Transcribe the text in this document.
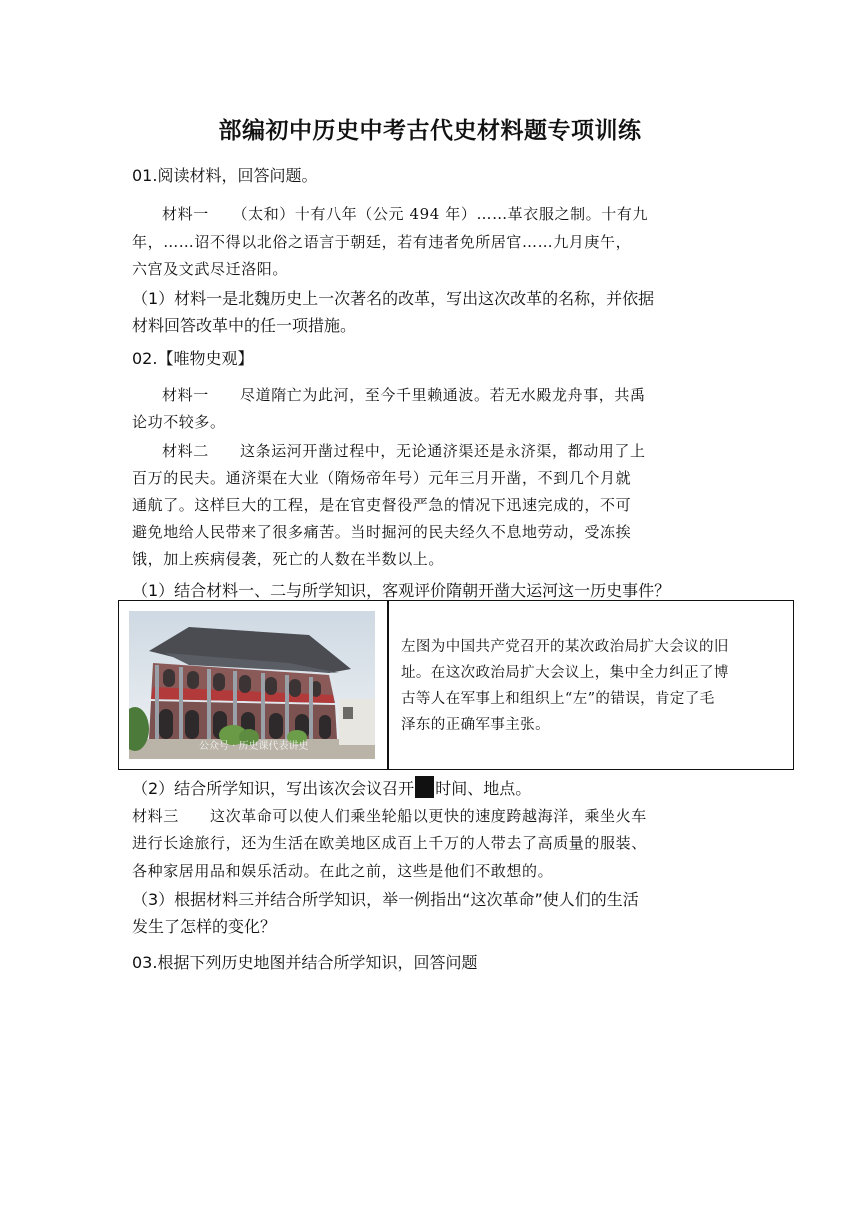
部编初中历史中考古代史材料题专项训练
01.阅读材料，回答问题。
材料一　　（太和）十有八年（公元 494 年）……革衣服之制。十有九
年，……诏不得以北俗之语言于朝廷，若有违者免所居官……九月庚午，
六宫及文武尽迁洛阳。
（1）材料一是北魏历史上一次著名的改革，写出这次改革的名称，并依据
材料回答改革中的任一项措施。
02.【唯物史观】
材料一　　尽道隋亡为此河，至今千里赖通波。若无水殿龙舟事，共禹
论功不较多。
材料二　　这条运河开凿过程中，无论通济渠还是永济渠，都动用了上
百万的民夫。通济渠在大业（隋炀帝年号）元年三月开凿，不到几个月就
通航了。这样巨大的工程，是在官吏督役严急的情况下迅速完成的，不可
避免地给人民带来了很多痛苦。当时掘河的民夫经久不息地劳动，受冻挨
饿，加上疾病侵袭，死亡的人数在半数以上。
（1）结合材料一、二与所学知识，客观评价隋朝开凿大运河这一历史事件？
公众号 · 历史课代表讲史
左图为中国共产党召开的某次政治局扩大会议的旧
址。在这次政治局扩大会议上，集中全力纠正了博
古等人在军事上和组织上“左”的错误，肯定了毛
泽东的正确军事主张。
（2）结合所学知识，写出该次会议召开 时间、地点。
材料三　　这次革命可以使人们乘坐轮船以更快的速度跨越海洋，乘坐火车
进行长途旅行，还为生活在欧美地区成百上千万的人带去了高质量的服装、
各种家居用品和娱乐活动。在此之前，这些是他们不敢想的。
（3）根据材料三并结合所学知识，举一例指出“这次革命”使人们的生活
发生了怎样的变化？
03.根据下列历史地图并结合所学知识，回答问题
